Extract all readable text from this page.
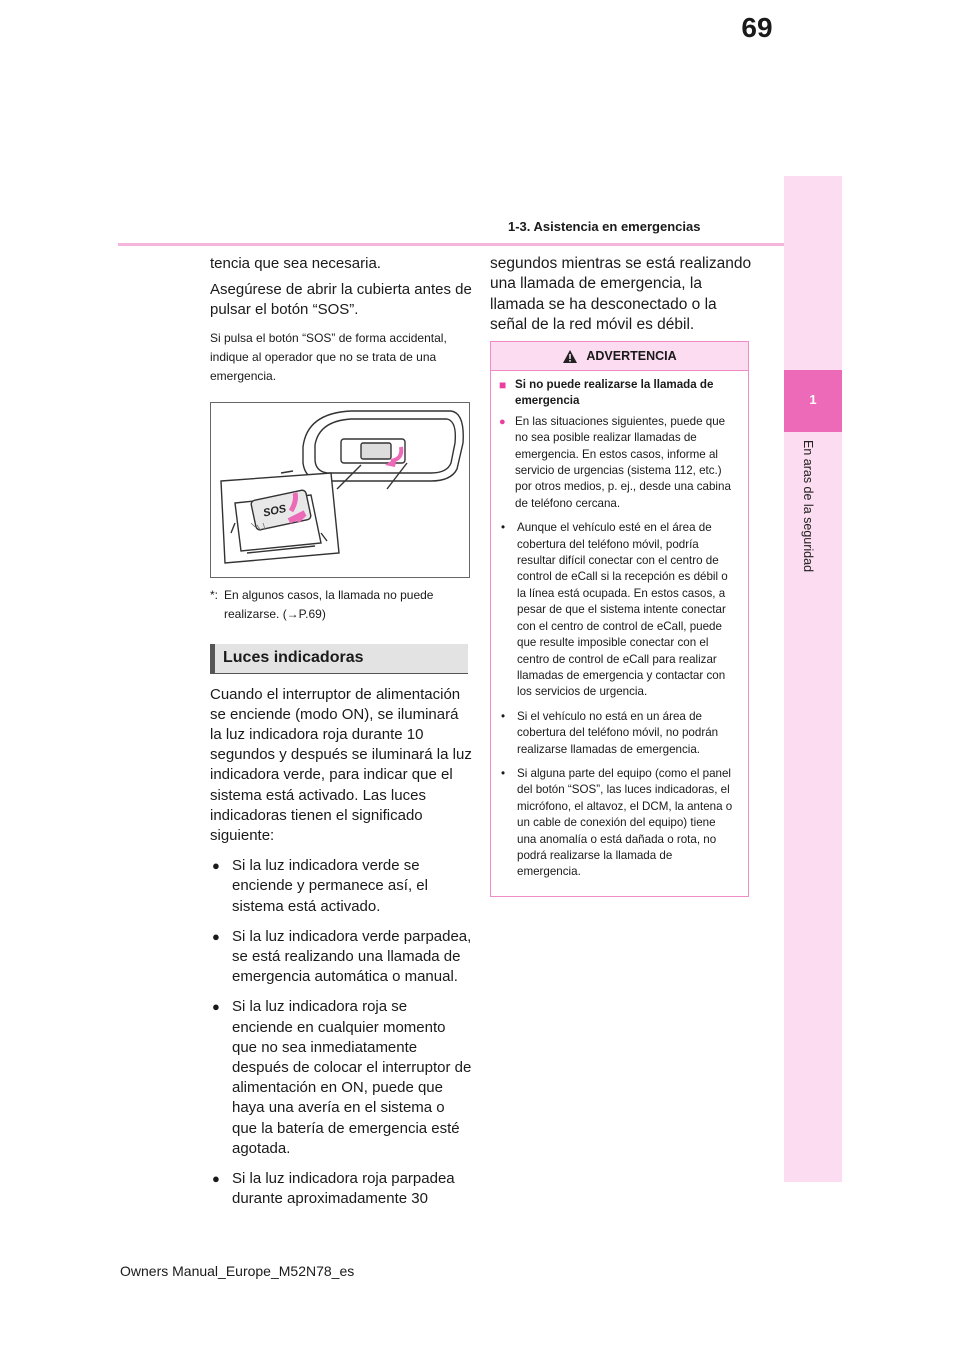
69
1-3. Asistencia en emergencias
1
En aras de la seguridad

tencia que sea necesaria.

Asegúrese de abrir la cubierta antes de pulsar el botón “SOS”.

Si pulsa el botón “SOS” de forma accidental, indique al operador que no se trata de una emergencia.

SOS
*: En algunos casos, la llamada no puede realizarse. (→P.69)
Luces indicadoras

Cuando el interruptor de alimentación se enciende (modo ON), se iluminará la luz indicadora roja durante 10 segundos y después se iluminará la luz indicadora verde, para indicar que el sistema está activado. Las luces indicadoras tienen el significado siguiente:

● Si la luz indicadora verde se enciende y permanece así, el sistema está activado.
● Si la luz indicadora verde parpadea, se está realizando una llamada de emergencia automática o manual.
● Si la luz indicadora roja se enciende en cualquier momento que no sea inmediatamente después de colocar el interruptor de alimentación en ON, puede que haya una avería en el sistema o que la batería de emergencia esté agotada.
● Si la luz indicadora roja parpadea durante aproximadamente 30

segundos mientras se está realizando una llamada de emergencia, la llamada se ha desconectado o la señal de la red móvil es débil.

ADVERTENCIA
■ Si no puede realizarse la llamada de emergencia
● En las situaciones siguientes, puede que no sea posible realizar llamadas de emergencia. En estos casos, informe al servicio de urgencias (sistema 112, etc.) por otros medios, p. ej., desde una cabina de teléfono cercana.
•	Aunque el vehículo esté en el área de cobertura del teléfono móvil, podría resultar difícil conectar con el centro de control de eCall si la recepción es débil o la línea está ocupada. En estos casos, a pesar de que el sistema intente conectar con el centro de control de eCall, puede que resulte imposible conectar con el centro de control de eCall para realizar llamadas de emergencia y contactar con los servicios de urgencia.
•	Si el vehículo no está en un área de cobertura del teléfono móvil, no podrán realizarse llamadas de emergencia.
•	Si alguna parte del equipo (como el panel del botón “SOS”, las luces indicadoras, el micrófono, el altavoz, el DCM, la antena o un cable de conexión del equipo) tiene una anomalía o está dañada o rota, no podrá realizarse la llamada de emergencia.
Owners Manual_Europe_M52N78_es
